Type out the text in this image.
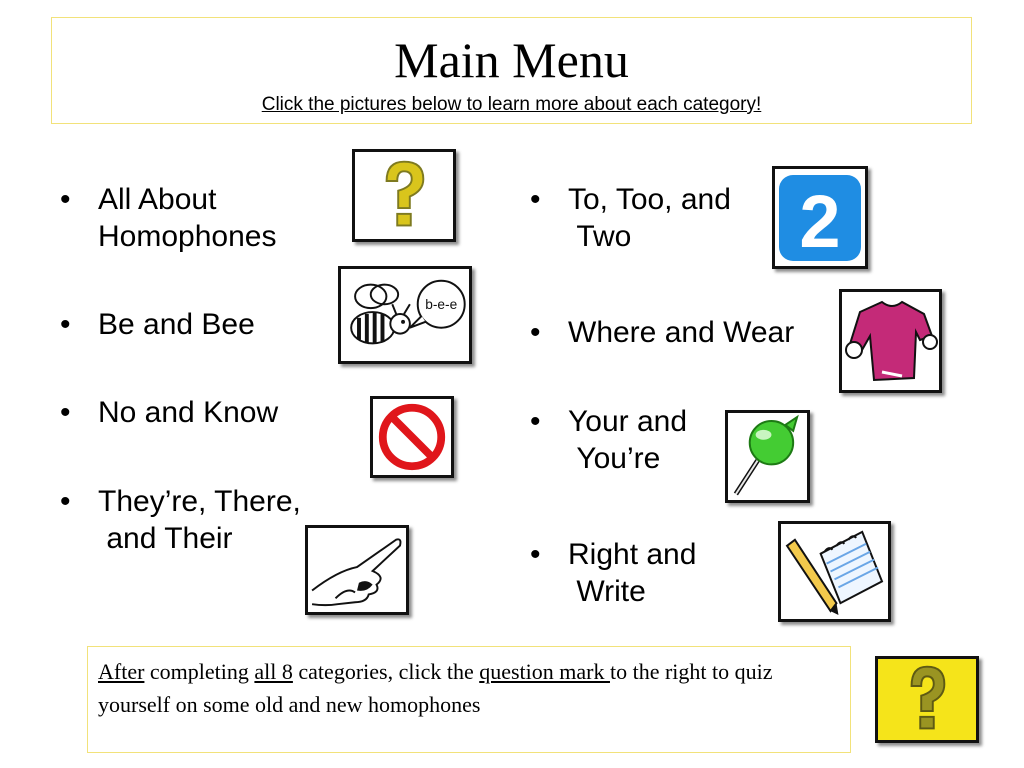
Main Menu
Click the pictures below to learn more about each category!
• All About
Homophones
• Be and Bee
• No and Know
• They’re, There,
and Their
• To, Too, and
Two
• Where and Wear
• Your and
You’re
• Right and
Write
b-e-e
2
After completing all 8 categories, click the question mark to the right to quiz yourself on some old and new homophones
